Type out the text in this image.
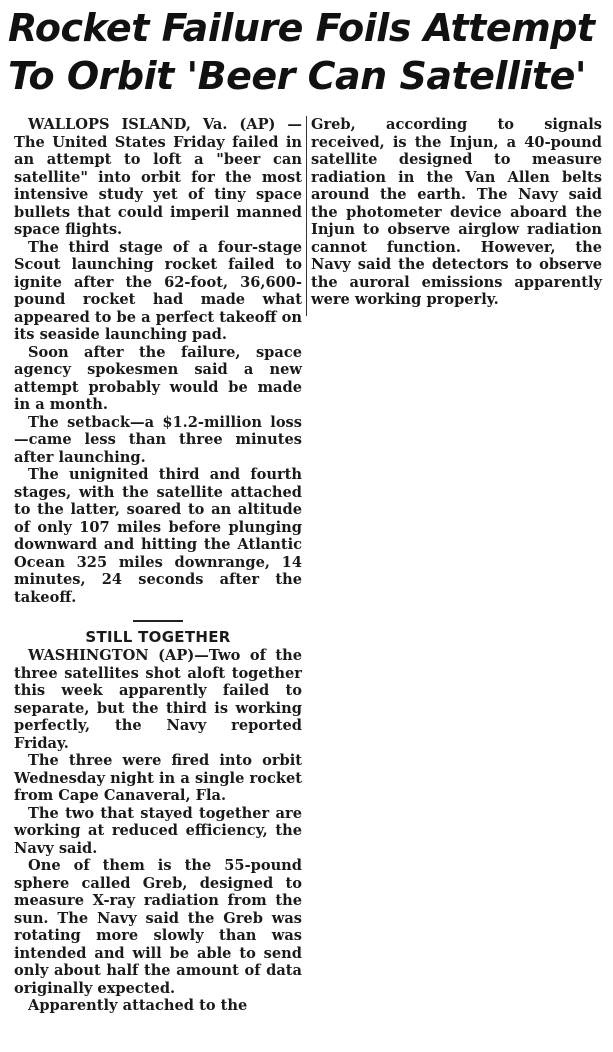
Rocket Failure Foils Attempt
To Orbit 'Beer Can Satellite'

WALLOPS ISLAND, Va. (AP) —The United States Friday failed in an attempt to loft a "beer can satellite" into orbit for the most intensive study yet of tiny space bullets that could imperil manned space flights.

The third stage of a four-stage Scout launching rocket failed to ignite after the 62-foot, 36,600-pound rocket had made what appeared to be a perfect takeoff on its seaside launching pad.

Soon after the failure, space agency spokesmen said a new attempt probably would be made in a month.

The setback—a $1.2-million loss —came less than three minutes after launching.

The unignited third and fourth stages, with the satellite attached to the latter, soared to an altitude of only 107 miles before plunging downward and hitting the Atlantic Ocean 325 miles downrange, 14 minutes, 24 seconds after the takeoff.

STILL TOGETHER

WASHINGTON (AP)—Two of the three satellites shot aloft together this week apparently failed to separate, but the third is working perfectly, the Navy reported Friday.

The three were fired into orbit Wednesday night in a single rocket from Cape Canaveral, Fla.

The two that stayed together are working at reduced efficiency, the Navy said.

One of them is the 55-pound sphere called Greb, designed to measure X-ray radiation from the sun. The Navy said the Greb was rotating more slowly than was intended and will be able to send only about half the amount of data originally expected.

Apparently attached to the

Greb, according to signals received, is the Injun, a 40-pound satellite designed to measure radiation in the Van Allen belts around the earth. The Navy said the photometer device aboard the Injun to observe airglow radiation cannot function. However, the Navy said the detectors to observe the auroral emissions apparently were working properly.
